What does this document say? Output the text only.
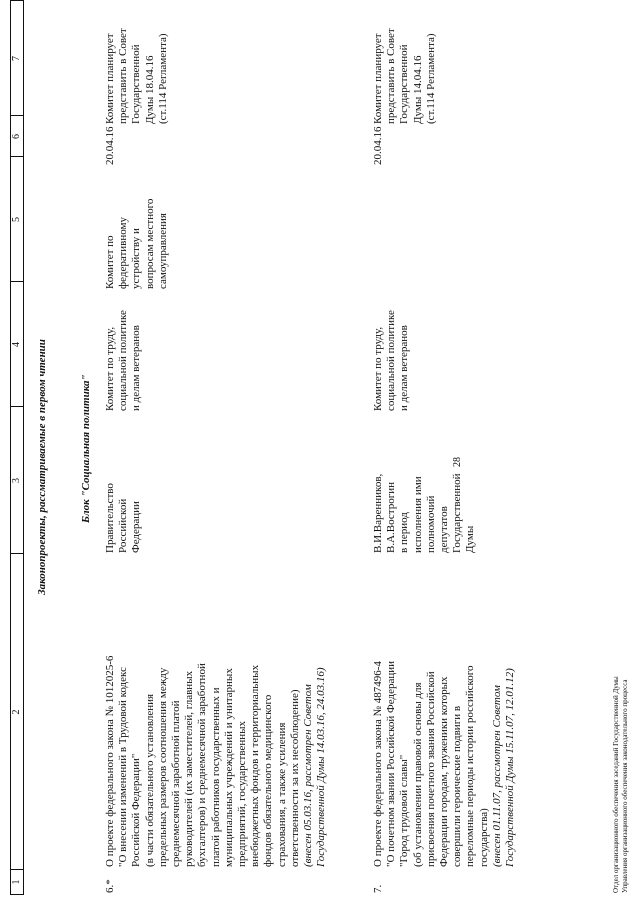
28
1
2
3
4
5
6
7
Законопроекты, рассматриваемые в первом чтении	Блок "Социальная политика"
6.*
О проекте федерального закона № 1012025-6 "О внесении изменений в Трудовой кодекс Российской Федерации" (в части обязательного установления предельных размеров соотношения между среднемесячной заработной платой руководителей (их заместителей, главных бухгалтеров) и среднемесячной заработной платой работников государственных и муниципальных учреждений и унитарных предприятий, государственных внебюджетных фондов и территориальных фондов обязательного медицинского страхования, а также усиления ответственности за их несоблюдение) (внесен 05.03.16, рассмотрен Советом Государственной Думы 14.03.16, 24.03.16)
Правительство Российской Федерации
Комитет по труду, социальной политике и делам ветеранов
Комитет по федеративному устройству и вопросам местного самоуправления
20.04.16
Комитет планирует представить в Совет Государственной Думы 18.04.16 (ст.114 Регламента)
7.
О проекте федерального закона № 487496-4 "О почетном звании Российской Федерации "Город трудовой славы" (об установлении правовой основы для присвоения почетного звания Российской Федерации городам, труженики которых совершили героические подвиги в переломные периоды истории российского государства) (внесен 01.11.07, рассмотрен Советом Государственной Думы 15.11.07, 12.01.12)
В.И.Варенников, В.А.Вострогин в период исполнения ими полномочий депутатов Государственной Думы
Комитет по труду, социальной политике и делам ветеранов
20.04.16
Комитет планирует представить в Совет Государственной Думы 14.04.16 (ст.114 Регламента)
Отдел организационного обеспечения заседаний Государственной Думы Управления организационного обеспечения законодательного процесса
